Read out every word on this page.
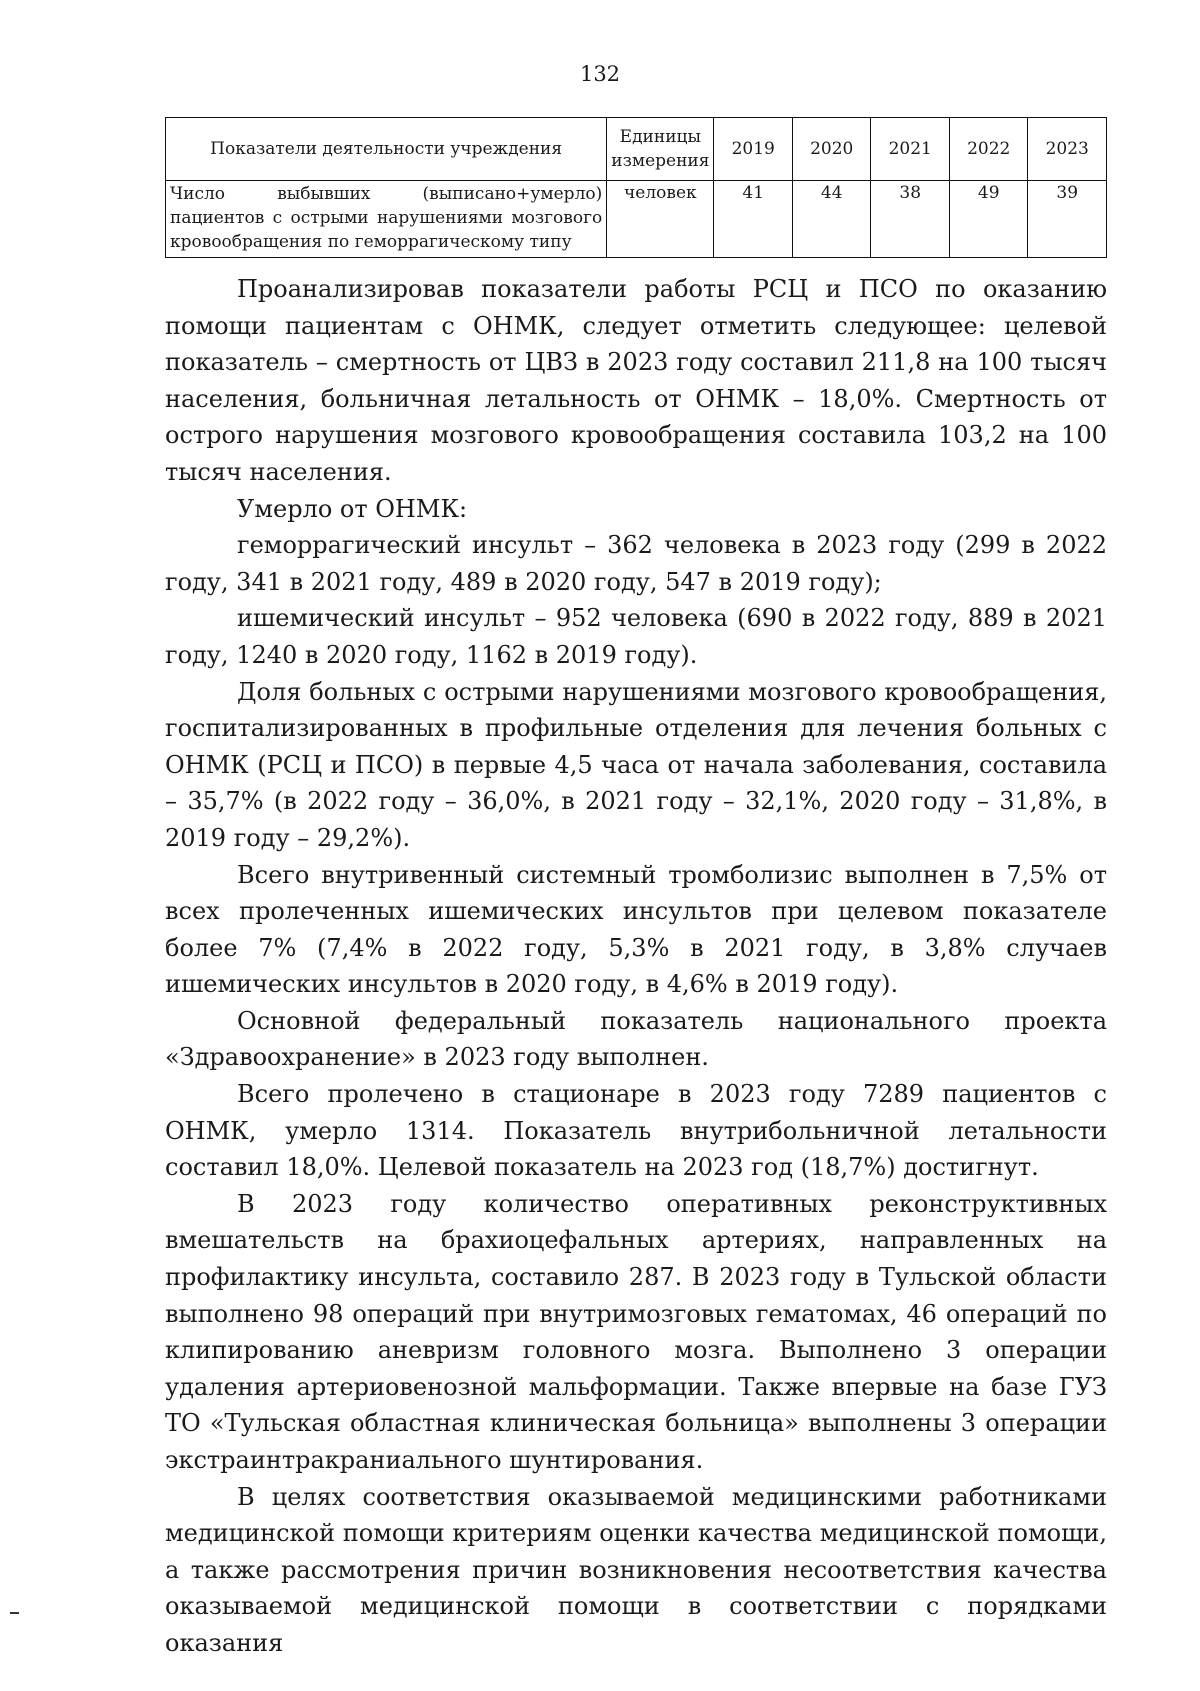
132
Показатели деятельности учреждения	Единицы измерения	2019	2020	2021	2022	2023
Число выбывших (выписано+умерло) пациентов с острыми нарушениями мозгового кровообращения по геморрагическому типу	человек	41	44	38	49	39

Проанализировав показатели работы РСЦ и ПСО по оказанию помощи пациентам с ОНМК, следует отметить следующее: целевой показатель – смертность от ЦВЗ в 2023 году составил 211,8 на 100 тысяч населения, больничная летальность от ОНМК – 18,0%. Смертность от острого нарушения мозгового кровообращения составила 103,2 на 100 тысяч населения.

Умерло от ОНМК:

геморрагический инсульт – 362 человека в 2023 году (299 в 2022 году, 341 в 2021 году, 489 в 2020 году, 547 в 2019 году);

ишемический инсульт – 952 человека (690 в 2022 году, 889 в 2021 году, 1240 в 2020 году, 1162 в 2019 году).

Доля больных с острыми нарушениями мозгового кровообращения, госпитализированных в профильные отделения для лечения больных с ОНМК (РСЦ и ПСО) в первые 4,5 часа от начала заболевания, составила – 35,7% (в 2022 году – 36,0%, в 2021 году – 32,1%, 2020 году – 31,8%, в 2019 году – 29,2%).

Всего внутривенный системный тромболизис выполнен в 7,5% от всех пролеченных ишемических инсультов при целевом показателе более 7% (7,4% в 2022 году, 5,3% в 2021 году, в 3,8% случаев ишемических инсультов в 2020 году, в 4,6% в 2019 году).

Основной федеральный показатель национального проекта «Здравоохранение» в 2023 году выполнен.

Всего пролечено в стационаре в 2023 году 7289 пациентов с ОНМК, умерло 1314. Показатель внутрибольничной летальности составил 18,0%. Целевой показатель на 2023 год (18,7%) достигнут.

В 2023 году количество оперативных реконструктивных вмешательств на брахиоцефальных артериях, направленных на профилактику инсульта, составило 287. В 2023 году в Тульской области выполнено 98 операций при внутримозговых гематомах, 46 операций по клипированию аневризм головного мозга. Выполнено 3 операции удаления артериовенозной мальформации. Также впервые на базе ГУЗ ТО «Тульская областная клиническая больница» выполнены 3 операции экстраинтракраниального шунтирования.

В целях соответствия оказываемой медицинскими работниками медицинской помощи критериям оценки качества медицинской помощи, а также рассмотрения причин возникновения несоответствия качества оказываемой медицинской помощи в соответствии с порядками оказания
